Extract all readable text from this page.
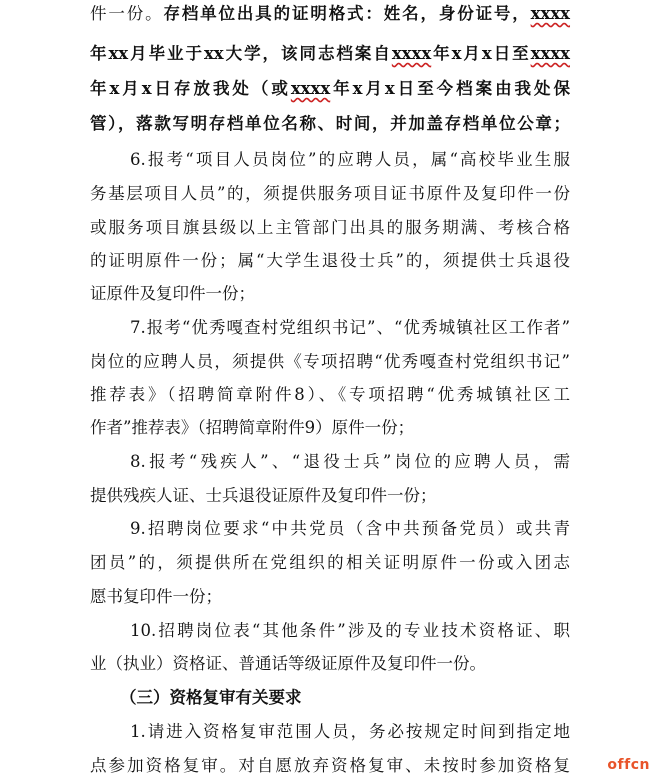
件一份。存档单位出具的证明格式：姓名，身份证号，xxxx
年xx月毕业于xx大学，该同志档案自xxxx年x月x日至xxxx
年x月x日存放我处（或xxxx年x月x日至今档案由我处保
管），落款写明存档单位名称、时间，并加盖存档单位公章；
6.报考“项目人员岗位”的应聘人员，属“高校毕业生服
务基层项目人员”的，须提供服务项目证书原件及复印件一份
或服务项目旗县级以上主管部门出具的服务期满、考核合格
的证明原件一份；属“大学生退役士兵”的，须提供士兵退役
证原件及复印件一份；
7.报考“优秀嘎查村党组织书记”、“优秀城镇社区工作者”
岗位的应聘人员，须提供《专项招聘“优秀嘎查村党组织书记”
推荐表》（招聘简章附件8）、《专项招聘“优秀城镇社区工
作者”推荐表》（招聘简章附件9）原件一份；
8.报考“残疾人”、“退役士兵”岗位的应聘人员，需
提供残疾人证、士兵退役证原件及复印件一份；
9.招聘岗位要求“中共党员（含中共预备党员）或共青
团员”的，须提供所在党组织的相关证明原件一份或入团志
愿书复印件一份；
10.招聘岗位表“其他条件”涉及的专业技术资格证、职
业（执业）资格证、普通话等级证原件及复印件一份。
（三）资格复审有关要求
1.请进入资格复审范围人员，务必按规定时间到指定地
点参加资格复审。对自愿放弃资格复审、未按时参加资格复	offcn
